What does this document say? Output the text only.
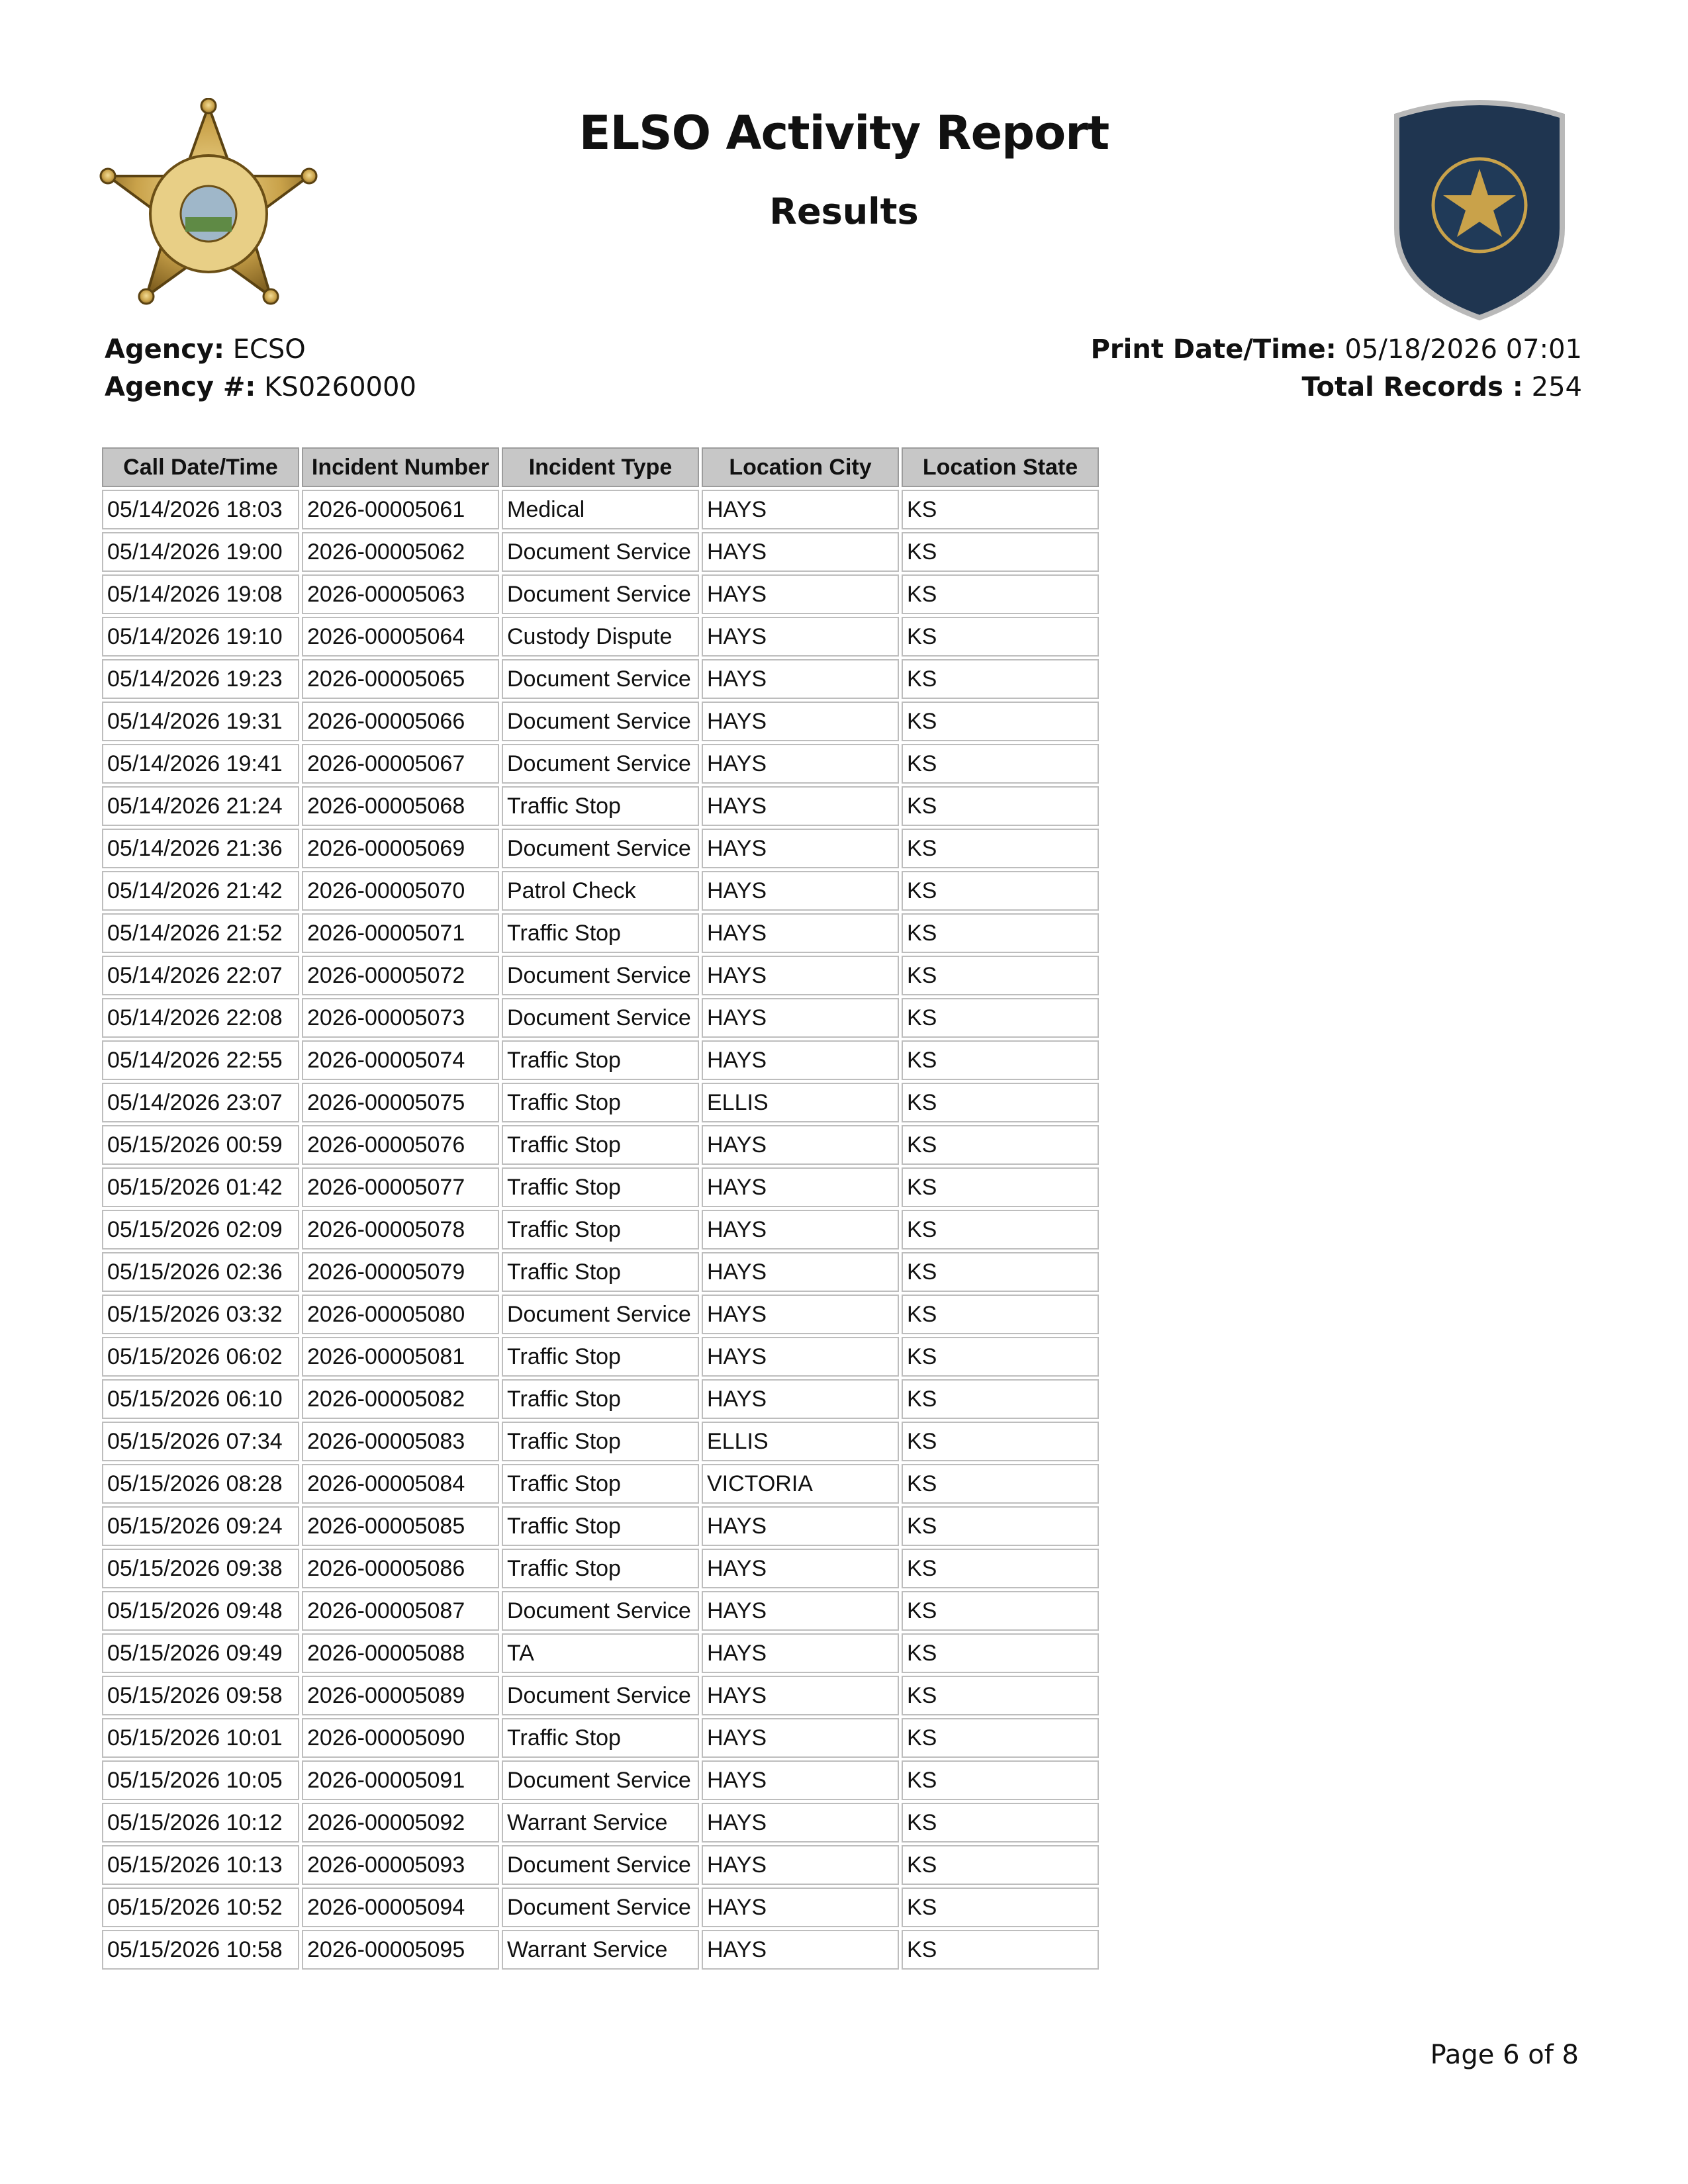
ELSO Activity Report
Results
Agency: ECSO
Agency #: KS0260000
Print Date/Time: 05/18/2026 07:01
Total Records : 254
Call Date/Time	Incident Number	Incident Type	Location City	Location State
05/14/2026 18:03	2026-00005061	Medical	HAYS	KS
05/14/2026 19:00	2026-00005062	Document Service	HAYS	KS
05/14/2026 19:08	2026-00005063	Document Service	HAYS	KS
05/14/2026 19:10	2026-00005064	Custody Dispute	HAYS	KS
05/14/2026 19:23	2026-00005065	Document Service	HAYS	KS
05/14/2026 19:31	2026-00005066	Document Service	HAYS	KS
05/14/2026 19:41	2026-00005067	Document Service	HAYS	KS
05/14/2026 21:24	2026-00005068	Traffic Stop	HAYS	KS
05/14/2026 21:36	2026-00005069	Document Service	HAYS	KS
05/14/2026 21:42	2026-00005070	Patrol Check	HAYS	KS
05/14/2026 21:52	2026-00005071	Traffic Stop	HAYS	KS
05/14/2026 22:07	2026-00005072	Document Service	HAYS	KS
05/14/2026 22:08	2026-00005073	Document Service	HAYS	KS
05/14/2026 22:55	2026-00005074	Traffic Stop	HAYS	KS
05/14/2026 23:07	2026-00005075	Traffic Stop	ELLIS	KS
05/15/2026 00:59	2026-00005076	Traffic Stop	HAYS	KS
05/15/2026 01:42	2026-00005077	Traffic Stop	HAYS	KS
05/15/2026 02:09	2026-00005078	Traffic Stop	HAYS	KS
05/15/2026 02:36	2026-00005079	Traffic Stop	HAYS	KS
05/15/2026 03:32	2026-00005080	Document Service	HAYS	KS
05/15/2026 06:02	2026-00005081	Traffic Stop	HAYS	KS
05/15/2026 06:10	2026-00005082	Traffic Stop	HAYS	KS
05/15/2026 07:34	2026-00005083	Traffic Stop	ELLIS	KS
05/15/2026 08:28	2026-00005084	Traffic Stop	VICTORIA	KS
05/15/2026 09:24	2026-00005085	Traffic Stop	HAYS	KS
05/15/2026 09:38	2026-00005086	Traffic Stop	HAYS	KS
05/15/2026 09:48	2026-00005087	Document Service	HAYS	KS
05/15/2026 09:49	2026-00005088	TA	HAYS	KS
05/15/2026 09:58	2026-00005089	Document Service	HAYS	KS
05/15/2026 10:01	2026-00005090	Traffic Stop	HAYS	KS
05/15/2026 10:05	2026-00005091	Document Service	HAYS	KS
05/15/2026 10:12	2026-00005092	Warrant Service	HAYS	KS
05/15/2026 10:13	2026-00005093	Document Service	HAYS	KS
05/15/2026 10:52	2026-00005094	Document Service	HAYS	KS
05/15/2026 10:58	2026-00005095	Warrant Service	HAYS	KS
Page 6 of 8
